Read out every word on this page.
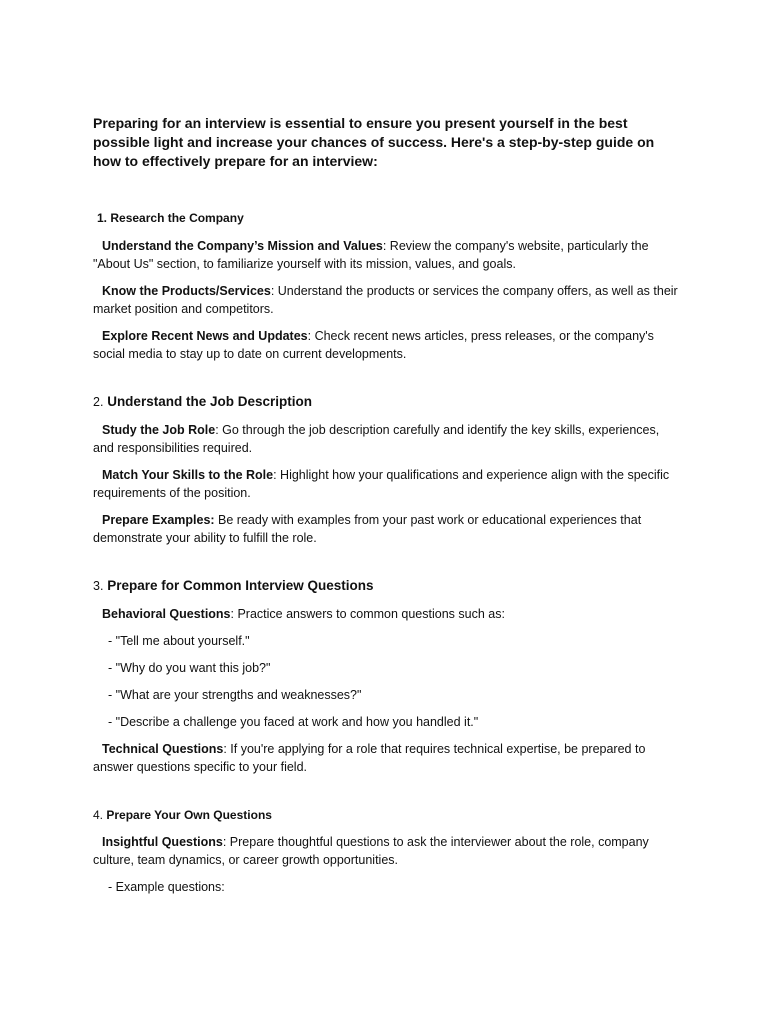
Preparing for an interview is essential to ensure you present yourself in the best possible light and increase your chances of success. Here's a step-by-step guide on how to effectively prepare for an interview:

1. Research the Company

Understand the Company’s Mission and Values: Review the company's website, particularly the "About Us" section, to familiarize yourself with its mission, values, and goals.

Know the Products/Services: Understand the products or services the company offers, as well as their market position and competitors.

Explore Recent News and Updates: Check recent news articles, press releases, or the company's social media to stay up to date on current developments.

2. Understand the Job Description

Study the Job Role: Go through the job description carefully and identify the key skills, experiences, and responsibilities required.

Match Your Skills to the Role: Highlight how your qualifications and experience align with the specific requirements of the position.

Prepare Examples: Be ready with examples from your past work or educational experiences that demonstrate your ability to fulfill the role.

3. Prepare for Common Interview Questions

Behavioral Questions: Practice answers to common questions such as:

- "Tell me about yourself."

- "Why do you want this job?"

- "What are your strengths and weaknesses?"

- "Describe a challenge you faced at work and how you handled it."

Technical Questions: If you're applying for a role that requires technical expertise, be prepared to answer questions specific to your field.

4. Prepare Your Own Questions

Insightful Questions: Prepare thoughtful questions to ask the interviewer about the role, company culture, team dynamics, or career growth opportunities.

- Example questions:
